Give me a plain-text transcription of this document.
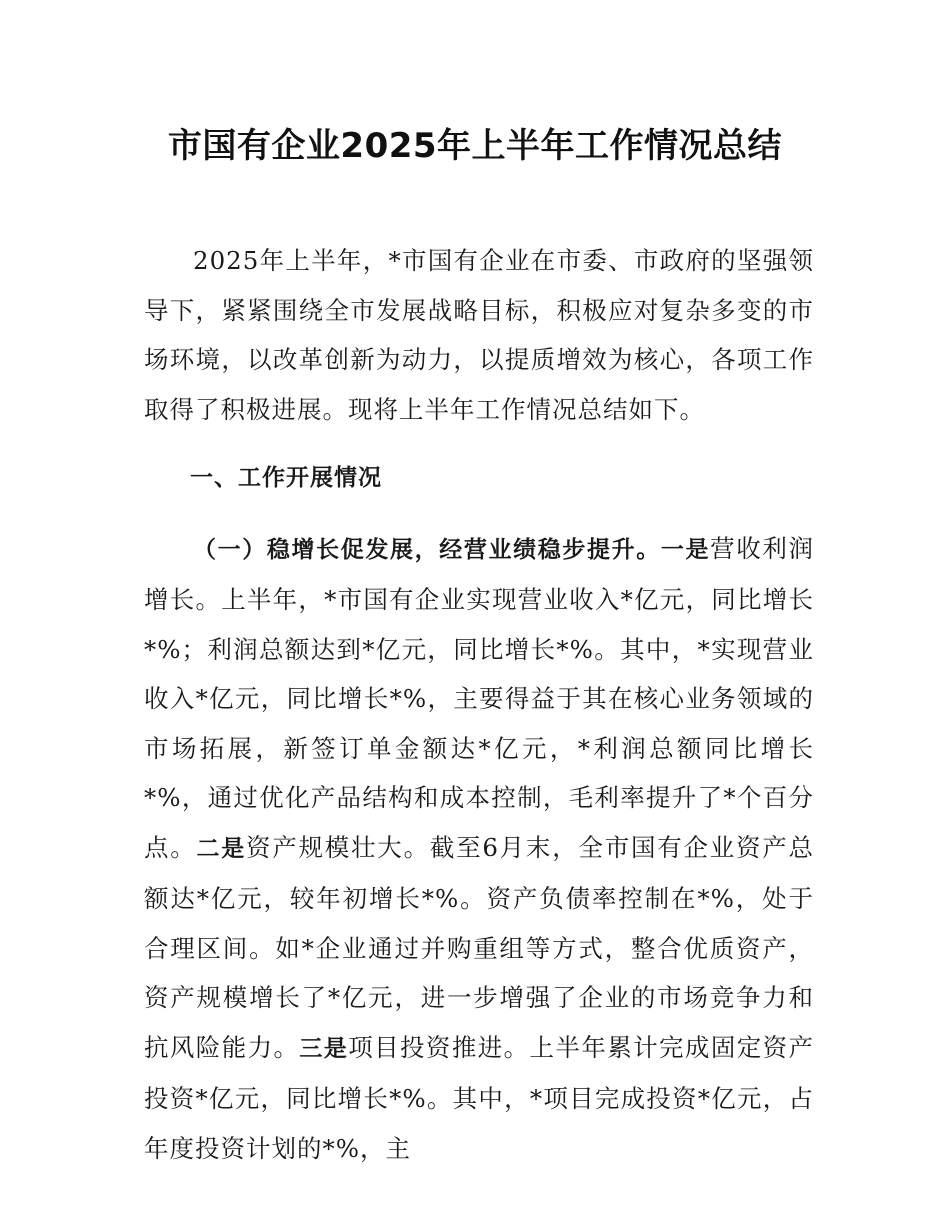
市国有企业2025年上半年工作情况总结

2025年上半年，*市国有企业在市委、市政府的坚强领导下，紧紧围绕全市发展战略目标，积极应对复杂多变的市场环境，以改革创新为动力，以提质增效为核心，各项工作取得了积极进展。现将上半年工作情况总结如下。

一、工作开展情况

（一）稳增长促发展，经营业绩稳步提升。一是营收利润增长。上半年，*市国有企业实现营业收入*亿元，同比增长*%；利润总额达到*亿元，同比增长*%。其中，*实现营业收入*亿元，同比增长*%，主要得益于其在核心业务领域的市场拓展，新签订单金额达*亿元，*利润总额同比增长*%，通过优化产品结构和成本控制，毛利率提升了*个百分点。二是资产规模壮大。截至6月末，全市国有企业资产总额达*亿元，较年初增长*%。资产负债率控制在*%，处于合理区间。如*企业通过并购重组等方式，整合优质资产，资产规模增长了*亿元，进一步增强了企业的市场竞争力和抗风险能力。三是项目投资推进。上半年累计完成固定资产投资*亿元，同比增长*%。其中，*项目完成投资*亿元，占年度投资计划的*%，主
